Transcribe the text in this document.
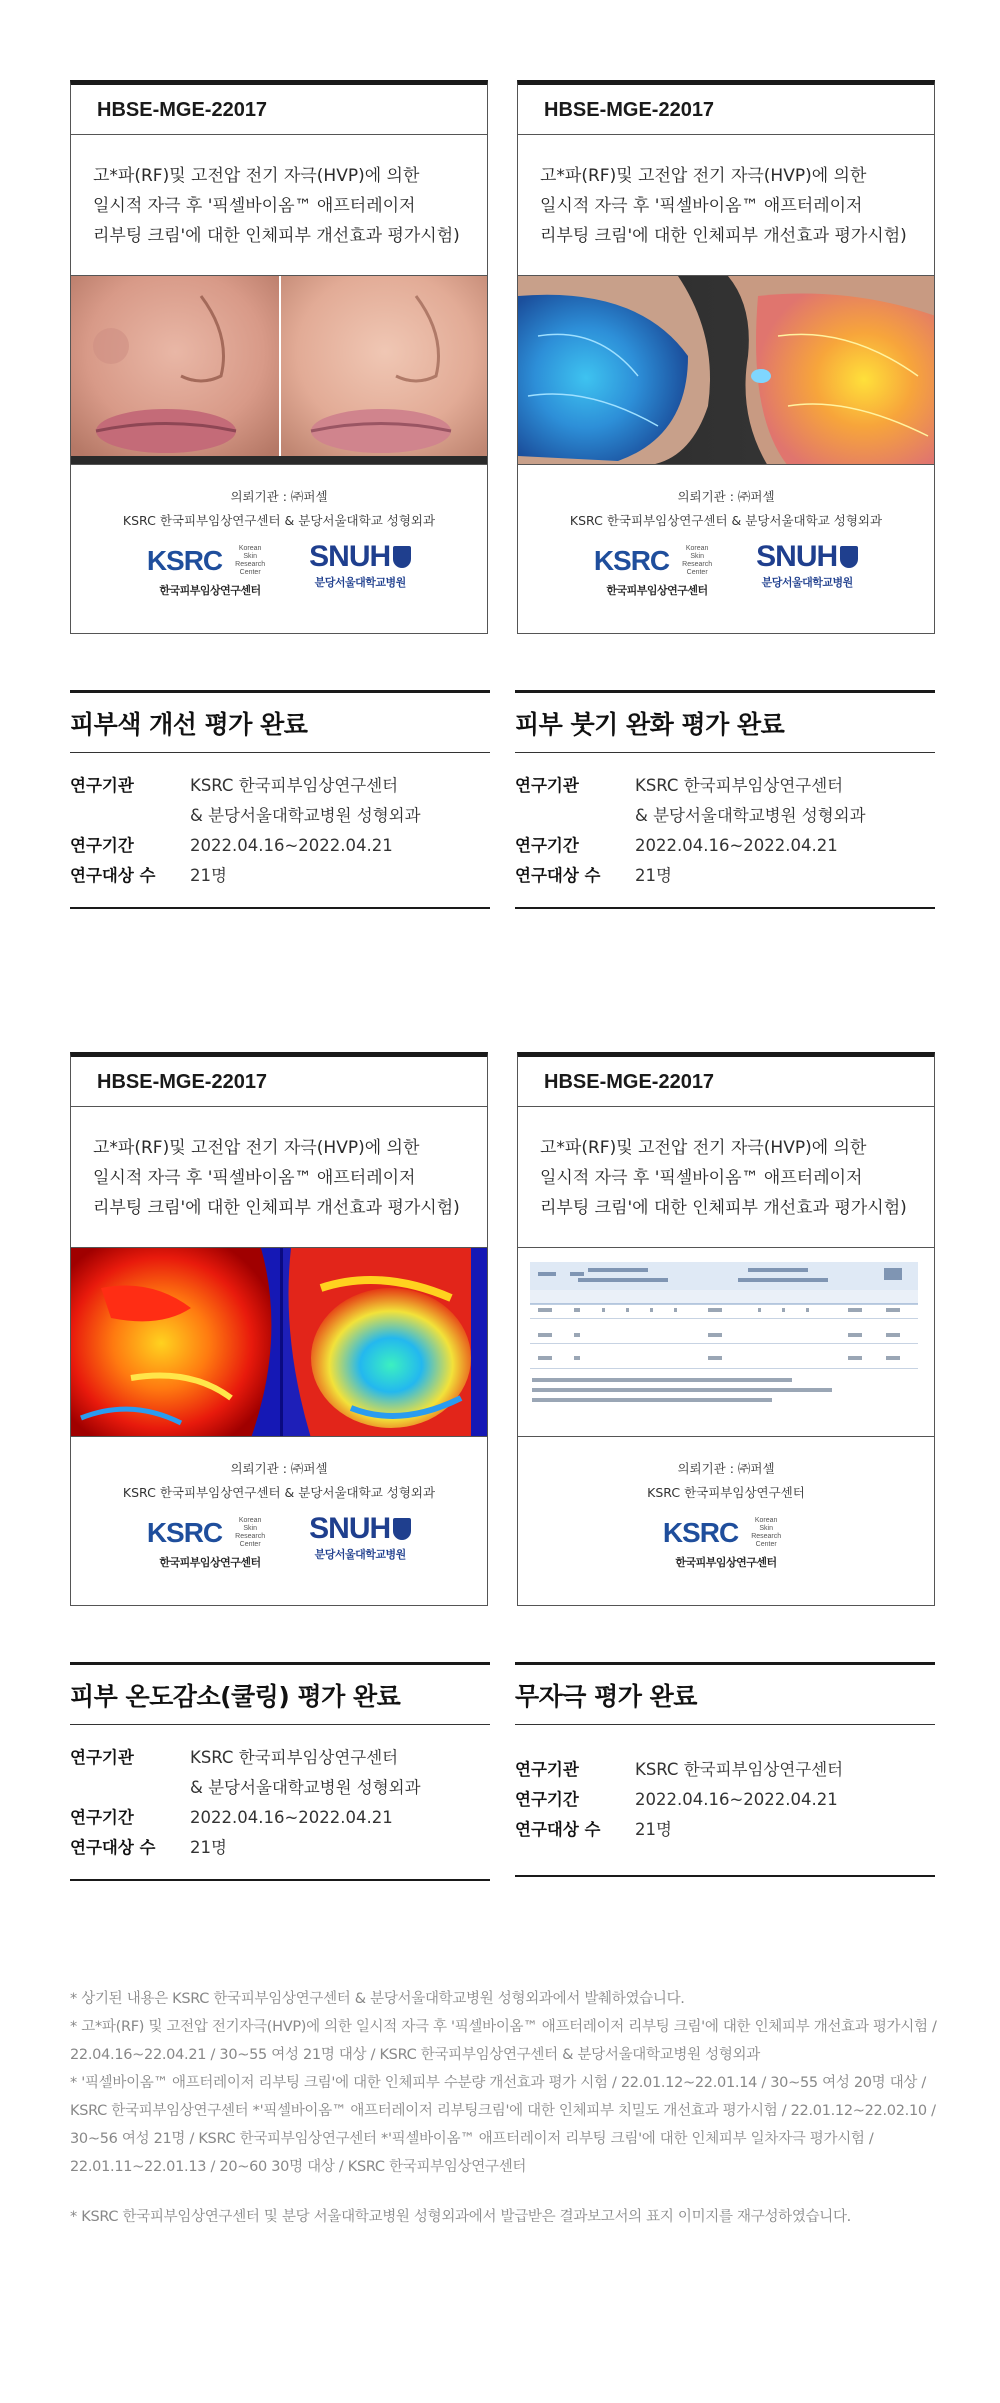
HBSE-MGE-22017
고*파(RF)및 고전압 전기 자극(HVP)에 의한
일시적 자극 후 '픽셀바이옴™ 애프터레이저
리부팅 크림'에 대한 인체피부 개선효과 평가시험)
의뢰기관 : ㈜퍼셀
KSRC 한국피부임상연구센터 & 분당서울대학교 성형외과
KSRC	Korean
Skin
Research
Center
한국피부임상연구센터
SNUH
분당서울대학교병원
HBSE-MGE-22017
고*파(RF)및 고전압 전기 자극(HVP)에 의한
일시적 자극 후 '픽셀바이옴™ 애프터레이저
리부팅 크림'에 대한 인체피부 개선효과 평가시험)
의뢰기관 : ㈜퍼셀
KSRC 한국피부임상연구센터 & 분당서울대학교 성형외과
KSRC	Korean
Skin
Research
Center
한국피부임상연구센터
SNUH
분당서울대학교병원
피부색 개선 평가 완료
연구기관	KSRC 한국피부임상연구센터
& 분당서울대학교병원 성형외과
연구기간	2022.04.16~2022.04.21
연구대상 수	21명
피부 붓기 완화 평가 완료
연구기관	KSRC 한국피부임상연구센터
& 분당서울대학교병원 성형외과
연구기간	2022.04.16~2022.04.21
연구대상 수	21명
HBSE-MGE-22017
고*파(RF)및 고전압 전기 자극(HVP)에 의한
일시적 자극 후 '픽셀바이옴™ 애프터레이저
리부팅 크림'에 대한 인체피부 개선효과 평가시험)
의뢰기관 : ㈜퍼셀
KSRC 한국피부임상연구센터 & 분당서울대학교 성형외과
KSRC	Korean
Skin
Research
Center
한국피부임상연구센터
SNUH
분당서울대학교병원
HBSE-MGE-22017
고*파(RF)및 고전압 전기 자극(HVP)에 의한
일시적 자극 후 '픽셀바이옴™ 애프터레이저
리부팅 크림'에 대한 인체피부 개선효과 평가시험)
의뢰기관 : ㈜퍼셀
KSRC 한국피부임상연구센터
KSRC	Korean
Skin
Research
Center
한국피부임상연구센터
피부 온도감소(쿨링) 평가 완료
연구기관	KSRC 한국피부임상연구센터
& 분당서울대학교병원 성형외과
연구기간	2022.04.16~2022.04.21
연구대상 수	21명
무자극 평가 완료
연구기관	KSRC 한국피부임상연구센터
연구기간	2022.04.16~2022.04.21
연구대상 수	21명

* 상기된 내용은 KSRC 한국피부임상연구센터 & 분당서울대학교병원 성형외과에서 발췌하였습니다.

* 고*파(RF) 및 고전압 전기자극(HVP)에 의한 일시적 자극 후 '픽셀바이옴™ 애프터레이저 리부팅 크림'에 대한 인체피부 개선효과 평가시험 / 22.04.16~22.04.21 / 30~55 여성 21명 대상 / KSRC 한국피부임상연구센터 & 분당서울대학교병원 성형외과

* '픽셀바이옴™ 애프터레이저 리부팅 크림'에 대한 인체피부 수분량 개선효과 평가 시험 / 22.01.12~22.01.14 / 30~55 여성 20명 대상 / KSRC 한국피부임상연구센터 *'픽셀바이옴™ 애프터레이저 리부팅크림'에 대한 인체피부 치밀도 개선효과 평가시험 / 22.01.12~22.02.10 / 30~56 여성 21명 / KSRC 한국피부임상연구센터 *'픽셀바이옴™ 애프터레이저 리부팅 크림'에 대한 인체피부 일차자극 평가시험 / 22.01.11~22.01.13 / 20~60 30명 대상 / KSRC 한국피부임상연구센터

* KSRC 한국피부임상연구센터 및 분당 서울대학교병원 성형외과에서 발급받은 결과보고서의 표지 이미지를 재구성하였습니다.
